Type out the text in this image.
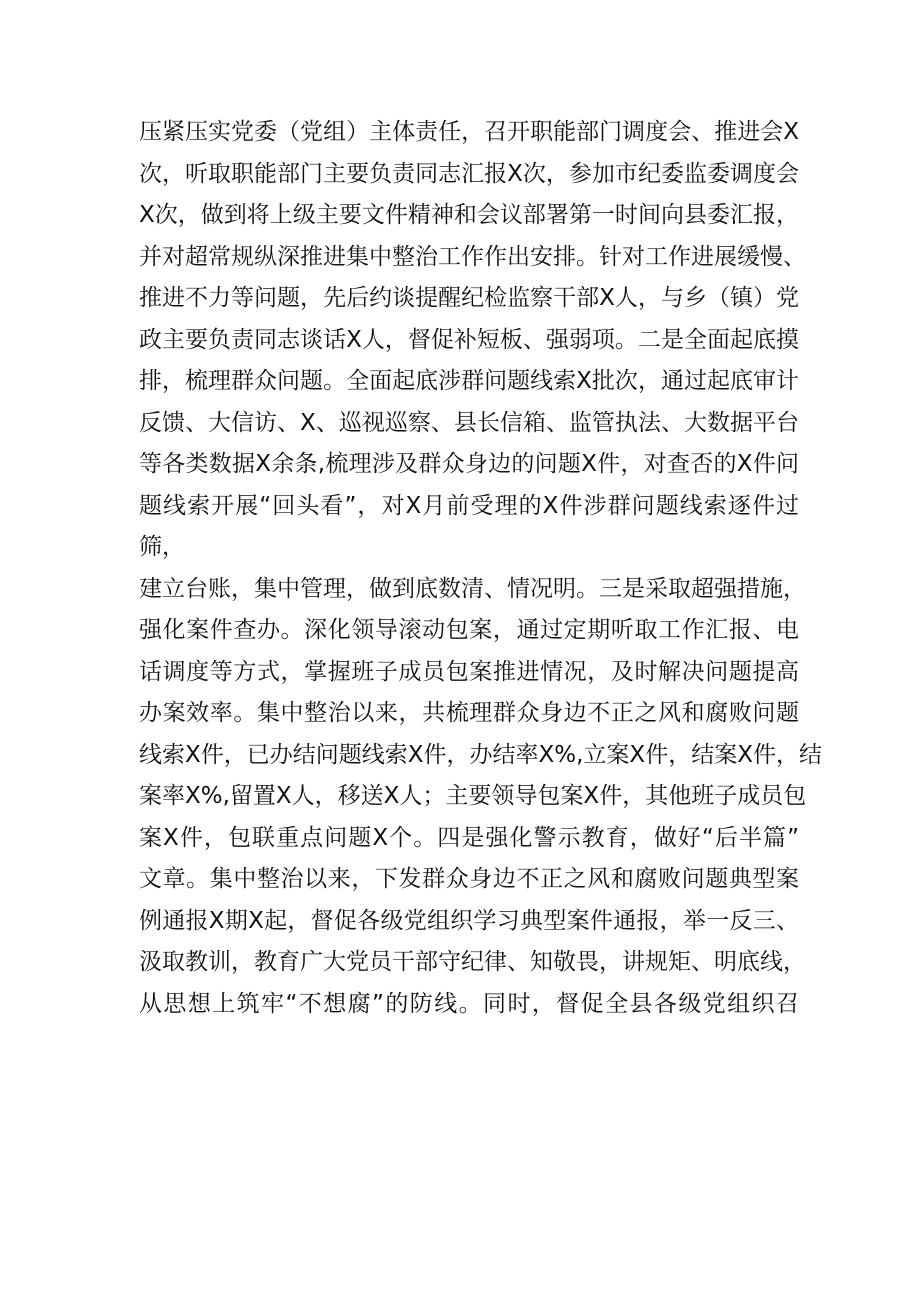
压紧压实党委（党组）主体责任，召开职能部门调度会、推进会X
次，听取职能部门主要负责同志汇报X次，参加市纪委监委调度会
X次，做到将上级主要文件精神和会议部署第一时间向县委汇报，
并对超常规纵深推进集中整治工作作出安排。针对工作进展缓慢、
推进不力等问题，先后约谈提醒纪检监察干部X人，与乡（镇）党
政主要负责同志谈话X人，督促补短板、强弱项。二是全面起底摸
排，梳理群众问题。全面起底涉群问题线索X批次，通过起底审计
反馈、大信访、X、巡视巡察、县长信箱、监管执法、大数据平台
等各类数据X余条,梳理涉及群众身边的问题X件，对查否的X件问
题线索开展“回头看”，对X月前受理的X件涉群问题线索逐件过
筛，
建立台账，集中管理，做到底数清、情况明。三是采取超强措施，
强化案件查办。深化领导滚动包案，通过定期听取工作汇报、电
话调度等方式，掌握班子成员包案推进情况，及时解决问题提高
办案效率。集中整治以来，共梳理群众身边不正之风和腐败问题
线索X件，已办结问题线索X件，办结率X%,立案X件，结案X件，结
案率X%,留置X人，移送X人；主要领导包案X件，其他班子成员包
案X件，包联重点问题X个。四是强化警示教育，做好“后半篇”
文章。集中整治以来，下发群众身边不正之风和腐败问题典型案
例通报X期X起，督促各级党组织学习典型案件通报，举一反三、
汲取教训，教育广大党员干部守纪律、知敬畏，讲规矩、明底线，
从思想上筑牢“不想腐”的防线。同时，督促全县各级党组织召
